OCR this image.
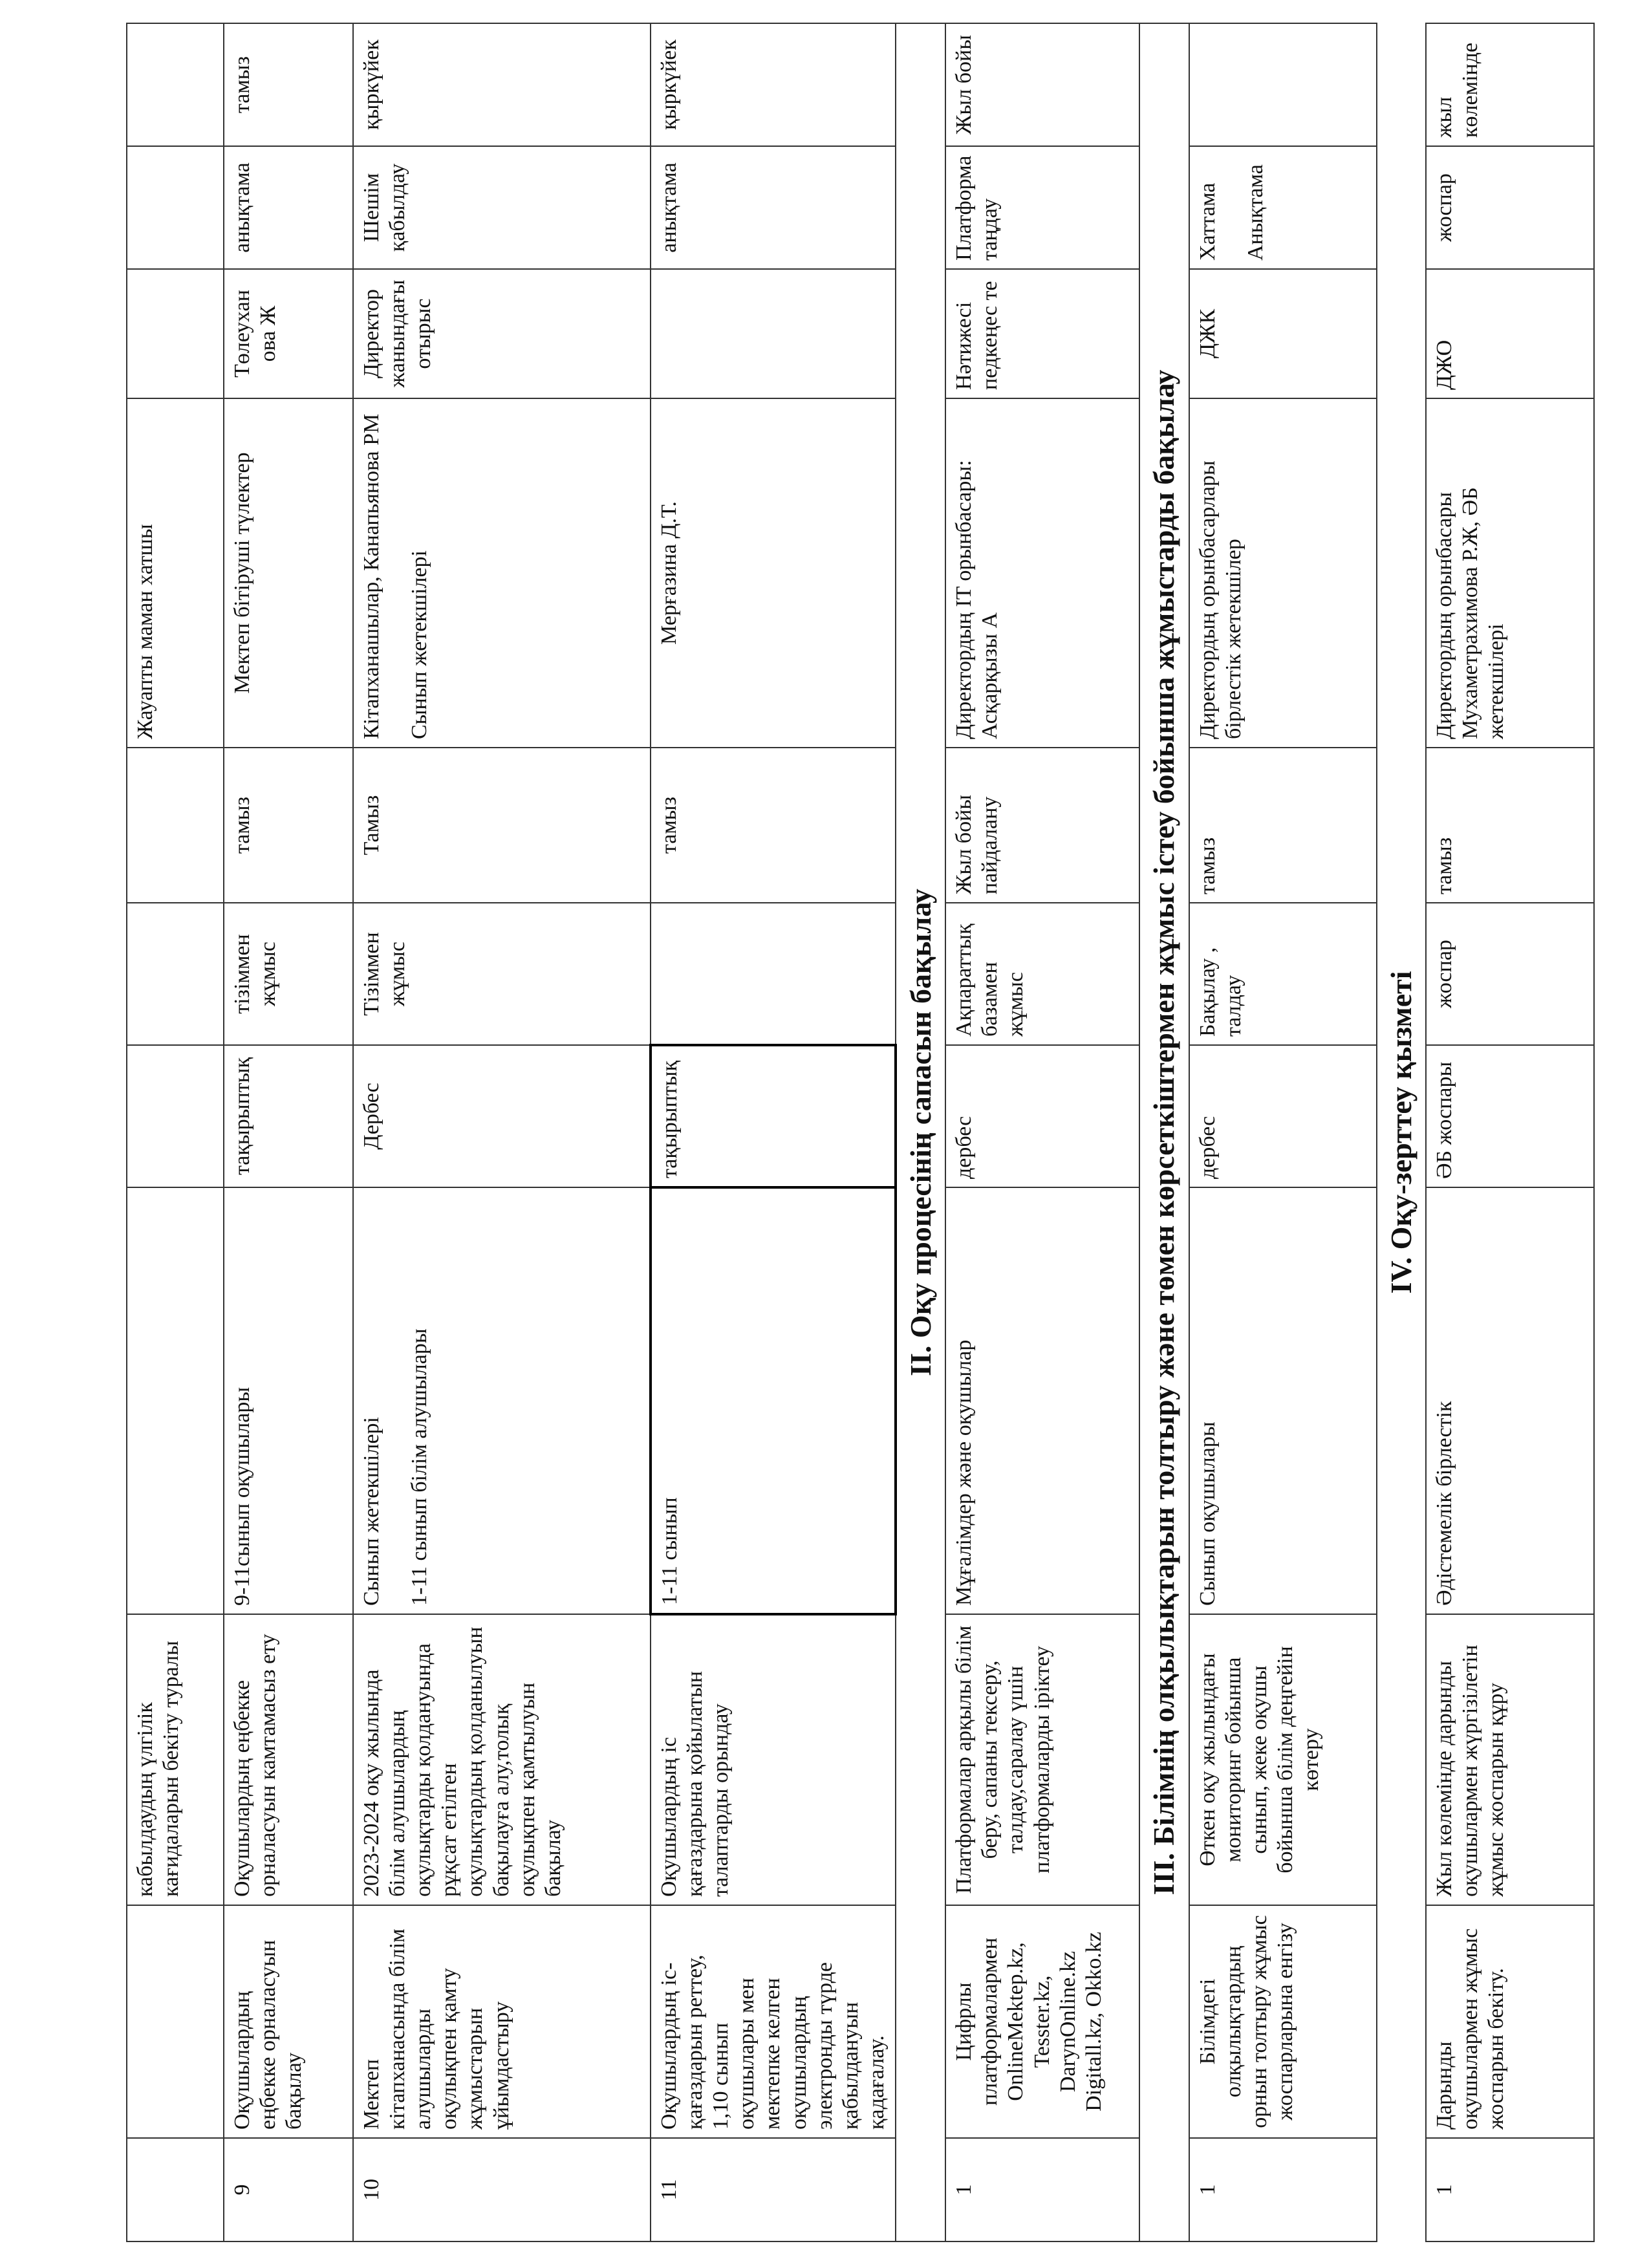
		кабылдаудың үлгілік кағидаларын бекіту туралы					Жауапты маман хатшы			
9	Оқушылардың еңбекке орналасуын бақылау	Оқушылардың еңбекке орналасуын камтамасыз ету	9-11сынып оқушылары	тақырыптық	тізіммен жұмыс	тамыз	Мектеп бітіруші түлектер	Төлеухан ова Ж	анықтама	тамыз
10	Мектеп кітапханасында білім алушыларды оқулықпен қамту жұмыстарын ұйымдастыру	2023-2024 оқу жылында білім алушылардың оқулықтарды қолдануында рұқсат етілген оқулықтардың қолданылуын бақылауға алу,толық оқулықпен қамтылуын бақылау	Сынып жетекшілері 1-11 сынып білім алушылары	Дербес	Тізіммен жұмыс	Тамыз	Кітапханашылар, Канапьянова РМ Сынып жетекшілері	Директор жанындағы отырыс	Шешім қабылдау	қыркүйек
11	Оқушылардың іс-қағаздарын реттеу, 1,10 сынып оқушылары мен мектепке келген оқушылардың электронды түрде қабылдануын қадағалау.	Оқушылардың іс қағаздарына қойылатын талаптарды орындау	1-11 сынып	тақырыптық		тамыз	Мерғазина Д.Т.		анықтама	қыркүйек
ІІ. Оқу процесінің сапасын бақылау										
1	Цифрлы платформалармен OnlineMektep.kz, Tesster.kz, DarynOnline.kz Digitall.kz, Okko.kz	Платформалар арқылы білім беру, сапаны тексеру, талдау,саралау үшін платформаларды іріктеу	Мұғалімдер және оқушылар	дербес	Ақпараттық базамен жұмыс	Жыл бойы пайдалану	Директордың IT орынбасары: Асқарқызы А	Нәтижесі педкеңес те	Платформа таңдау	Жыл бойы
ІІІ. Білімнің олқылықтарын толтыру және төмен көрсеткіштермен жұмыс істеу бойынша жұмыстарды бақылау										
1	Білімдегі олқылықтардың орнын толтыру жұмыс жоспарларына енгізу	Өткен оқу жылындағы мониторинг бойынша сынып, жеке оқушы бойынша білім деңгейін көтеру	Сынып оқушылары	дербес	Бақылау , талдау	тамыз	Директордың орынбасарлары бірлестік жетекшілер	ДЖК	Хаттама Анықтама	

IV. Оқу-зерттеу қызметі										
1	Дарынды оқушылармен жұмыс жоспарын бекіту.	Жыл көлемінде дарынды оқушылармен жүргізілетін жұмыс жоспарын құру	Әдістемелік бірлестік	ӘБ жоспары	жоспар	тамыз	Директордың орынбасары Мухаметрахимова Р.Ж, ӘБ жетекшілері	ДЖО	жоспар	жыл көлемінде
